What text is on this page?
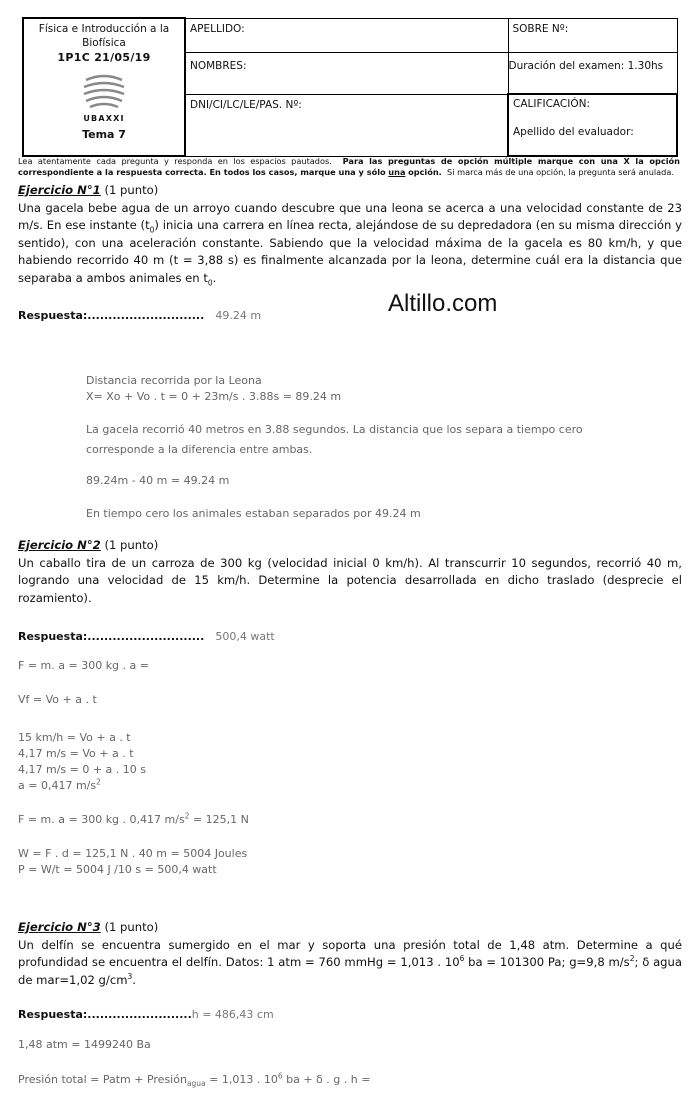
Física e Introducción a la
Biofísica
1P1C 21/05/19
UBAXXI
Tema 7	APELLIDO:	SOBRE Nº:
	NOMBRES:	Duración del examen: 1.30hs
	DNI/CI/LC/LE/PAS. Nº:	CALIFICACIÓN:
Apellido del evaluador:
Lea atentamente cada pregunta y responda en los espacios pautados. Para las preguntas de opción múltiple marque con una X la opción correspondiente a la respuesta correcta. En todos los casos, marque una y sólo una opción. Si marca más de una opción, la pregunta será anulada.
Ejercicio N°1 (1 punto)
Una gacela bebe agua de un arroyo cuando descubre que una leona se acerca a una velocidad constante de 23 m/s. En ese instante $(t_0)$ inicia una carrera en línea recta, alejándose de su depredadora (en su misma dirección y sentido), con una aceleración constante. Sabiendo que la velocidad máxima de la gacela es 80 km/h, y que habiendo recorrido 40 m (t = 3,88 s) es finalmente alcanzada por la leona, determine cuál era la distancia que separaba a ambos animales en $t_0$.
Altillo.com
Respuesta:............................ 49.24 m
Distancia recorrida por la Leona
X= Xo + Vo . t = 0 + 23m/s . 3.88s = 89.24 m
La gacela recorrió 40 metros en 3.88 segundos. La distancia que los separa a tiempo cero
corresponde a la diferencia entre ambas.
89.24m - 40 m = 49.24 m
En tiempo cero los animales estaban separados por 49.24 m
Ejercicio N°2 (1 punto)
Un caballo tira de un carroza de 300 kg (velocidad inicial 0 km/h). Al transcurrir 10 segundos, recorrió 40 m, logrando una velocidad de 15 km/h. Determine la potencia desarrollada en dicho traslado (desprecie el rozamiento).
Respuesta:............................ 500,4 watt
F = m. a = 300 kg . a =
Vf = Vo + a . t
15 km/h = Vo + a . t
4,17 m/s = Vo + a . t
4,17 m/s = 0 + a . 10 s
a = 0,417 $m/s^2$
F = m. a = 300 kg . 0,417 $m/s^2 = 125,1$ N
W = F . d = 125,1 N . 40 m = 5004 Joules
P = W/t = 5004 J /10 s = 500,4 watt
Ejercicio N°3 (1 punto)
Un delfín se encuentra sumergido en el mar y soporta una presión total de 1,48 atm. Determine a qué profundidad se encuentra el delfín. Datos: 1 atm = 760 mmHg = 1,013 . $10^6$ ba = 101300 Pa; g=9,8 $m/s^2$; δ agua de mar=1,02 $g/cm^3$.
Respuesta:.........................h = 486,43 cm
1,48 atm = 1499240 Ba
Presión total = Patm + Presión$_{agua}$ = 1,013 . $10^6$ ba + δ . g . h =
